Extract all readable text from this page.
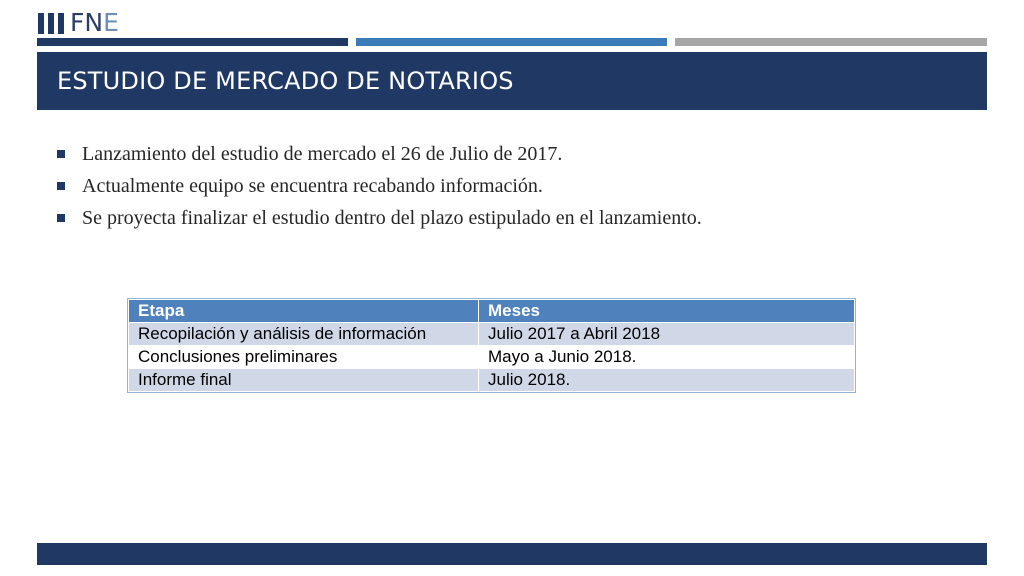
FNE
ESTUDIO DE MERCADO DE NOTARIOS
Lanzamiento del estudio de mercado el 26 de Julio de 2017.
Actualmente equipo se encuentra recabando información.
Se proyecta finalizar el estudio dentro del plazo estipulado en el lanzamiento.
Etapa	Meses
Recopilación y análisis de información	Julio 2017 a Abril 2018
Conclusiones preliminares	Mayo a Junio 2018.
Informe final	Julio 2018.
